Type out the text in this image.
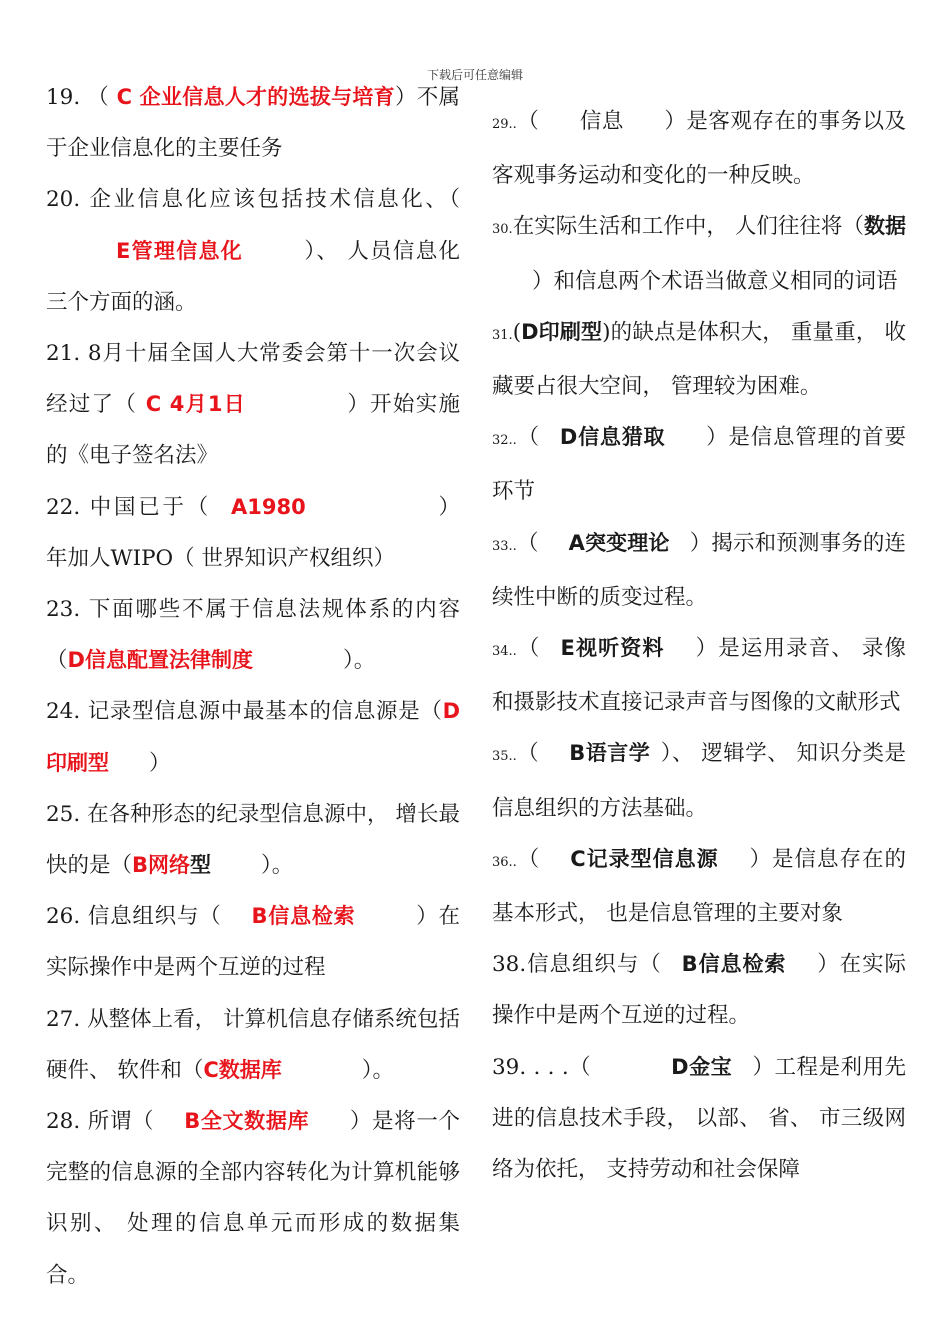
下载后可任意编辑

19. （ C 企业信息人才的选拔与培育）不属于企业信息化的主要任务

20. 企业信息化应该包括技术信息化、（E管理信息化	）、 人员信息化三个方面的涵。

21. 8月十届全国人大常委会第十一次会议经过了（ C 4月1日	）开始实施的《电子签名法》

22. 中国已于（ A1980	）年加人WIPO（ 世界知识产权组织）

23. 下面哪些不属于信息法规体系的内容（D信息配置法律制度	）。

24. 记录型信息源中最基本的信息源是（D印刷型 ）

25. 在各种形态的纪录型信息源中， 增长最快的是（B网络型 ）。

26. 信息组织与（ B信息检索	）在实际操作中是两个互逆的过程

27. 从整体上看， 计算机信息存储系统包括硬件、 软件和（C数据库	）。

28. 所谓（ B全文数据库 ）是将一个完整的信息源的全部内容转化为计算机能够识别、 处理的信息单元而形成的数据集合。

29..（ 信息 ）是客观存在的事务以及客观事务运动和变化的一种反映。

30.在实际生活和工作中， 人们往往将（数据）和信息两个术语当做意义相同的词语

31.(D印刷型)的缺点是体积大， 重量重， 收藏要占很大空间， 管理较为困难。

32..（ D信息猎取 ）是信息管理的首要环节

33..（ A突变理论 ）揭示和预测事务的连续性中断的质变过程。

34..（ E视听资料 ）是运用录音、 录像和摄影技术直接记录声音与图像的文献形式

35..（ B语言学 ）、 逻辑学、 知识分类是信息组织的方法基础。

36..（ C记录型信息源 ）是信息存在的基本形式， 也是信息管理的主要对象

38.信息组织与（ B信息检索 ）在实际操作中是两个互逆的过程。

39. . . .（	D金宝 ）工程是利用先进的信息技术手段， 以部、 省、 市三级网络为依托， 支持劳动和社会保障
